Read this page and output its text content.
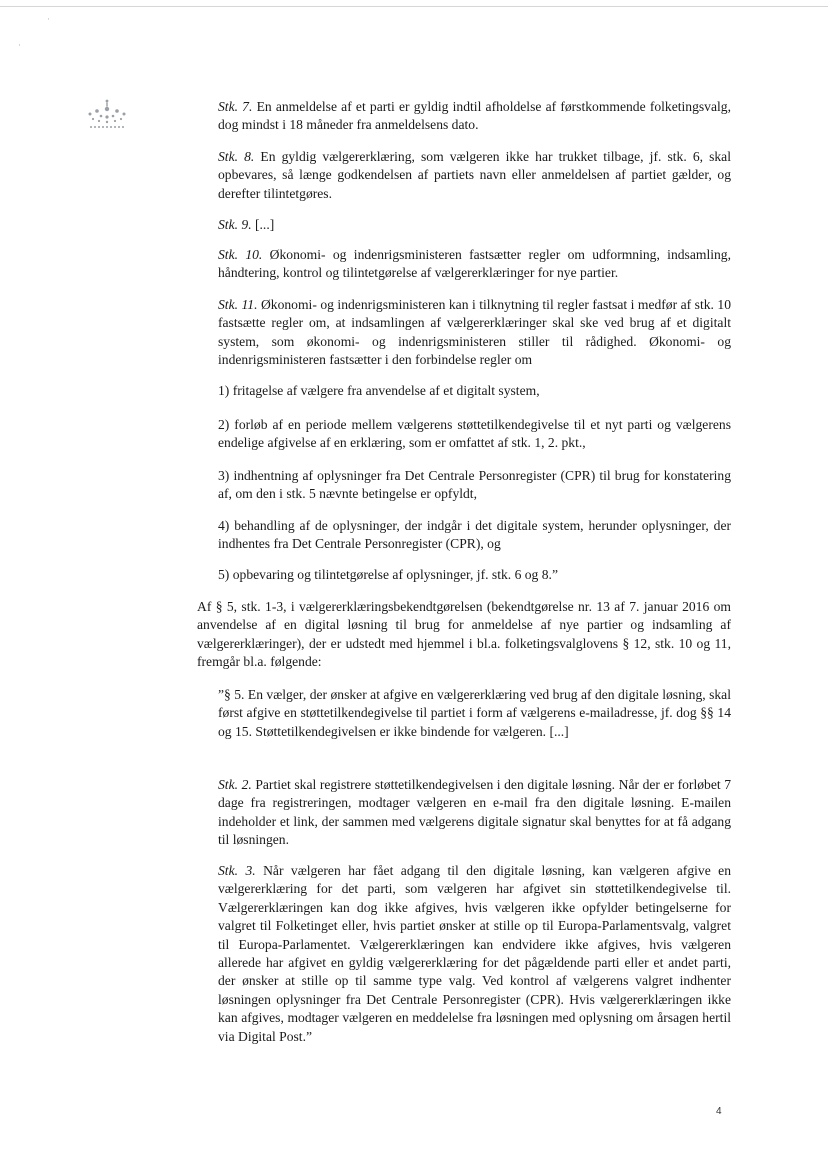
·
·

Stk. 7. En anmeldelse af et parti er gyldig indtil afholdelse af førstkommende folketingsvalg, dog mindst i 18 måneder fra anmeldelsens dato.

Stk. 8. En gyldig vælgererklæring, som vælgeren ikke har trukket tilbage, jf. stk. 6, skal opbevares, så længe godkendelsen af partiets navn eller anmeldelsen af partiet gælder, og derefter tilintetgøres.

Stk. 9. [...]

Stk. 10. Økonomi- og indenrigsministeren fastsætter regler om udformning, indsamling, håndtering, kontrol og tilintetgørelse af vælgererklæringer for nye partier.

Stk. 11. Økonomi- og indenrigsministeren kan i tilknytning til regler fastsat i medfør af stk. 10 fastsætte regler om, at indsamlingen af vælgererklæringer skal ske ved brug af et digitalt system, som økonomi- og indenrigsministeren stiller til rådighed. Økonomi- og indenrigsministeren fastsætter i den forbindelse regler om

1) fritagelse af vælgere fra anvendelse af et digitalt system,

2) forløb af en periode mellem vælgerens støttetilkendegivelse til et nyt parti og vælgerens endelige afgivelse af en erklæring, som er omfattet af stk. 1, 2. pkt.,

3) indhentning af oplysninger fra Det Centrale Personregister (CPR) til brug for konstatering af, om den i stk. 5 nævnte betingelse er opfyldt,

4) behandling af de oplysninger, der indgår i det digitale system, herunder oplysninger, der indhentes fra Det Centrale Personregister (CPR), og

5) opbevaring og tilintetgørelse af oplysninger, jf. stk. 6 og 8.”

Af § 5, stk. 1-3, i vælgererklæringsbekendtgørelsen (bekendtgørelse nr. 13 af 7. januar 2016 om anvendelse af en digital løsning til brug for anmeldelse af nye partier og indsamling af vælgererklæringer), der er udstedt med hjemmel i bl.a. folketingsvalglovens § 12, stk. 10 og 11, fremgår bl.a. følgende:

”§ 5. En vælger, der ønsker at afgive en vælgererklæring ved brug af den digitale løsning, skal først afgive en støttetilkendegivelse til partiet i form af vælgerens e-mailadresse, jf. dog §§ 14 og 15. Støttetilkendegivelsen er ikke bindende for vælgeren. [...]

Stk. 2. Partiet skal registrere støttetilkendegivelsen i den digitale løsning. Når der er forløbet 7 dage fra registreringen, modtager vælgeren en e-mail fra den digitale løsning. E-mailen indeholder et link, der sammen med vælgerens digitale signatur skal benyttes for at få adgang til løsningen.

Stk. 3. Når vælgeren har fået adgang til den digitale løsning, kan vælgeren afgive en vælgererklæring for det parti, som vælgeren har afgivet sin støttetilkendegivelse til. Vælgererklæringen kan dog ikke afgives, hvis vælgeren ikke opfylder betingelserne for valgret til Folketinget eller, hvis partiet ønsker at stille op til Europa-Parlamentsvalg, valgret til Europa-Parlamentet. Vælgererklæringen kan endvidere ikke afgives, hvis vælgeren allerede har afgivet en gyldig vælgererklæring for det pågældende parti eller et andet parti, der ønsker at stille op til samme type valg. Ved kontrol af vælgerens valgret indhenter løsningen oplysninger fra Det Centrale Personregister (CPR). Hvis vælgererklæringen ikke kan afgives, modtager vælgeren en meddelelse fra løsningen med oplysning om årsagen hertil via Digital Post.”

4
